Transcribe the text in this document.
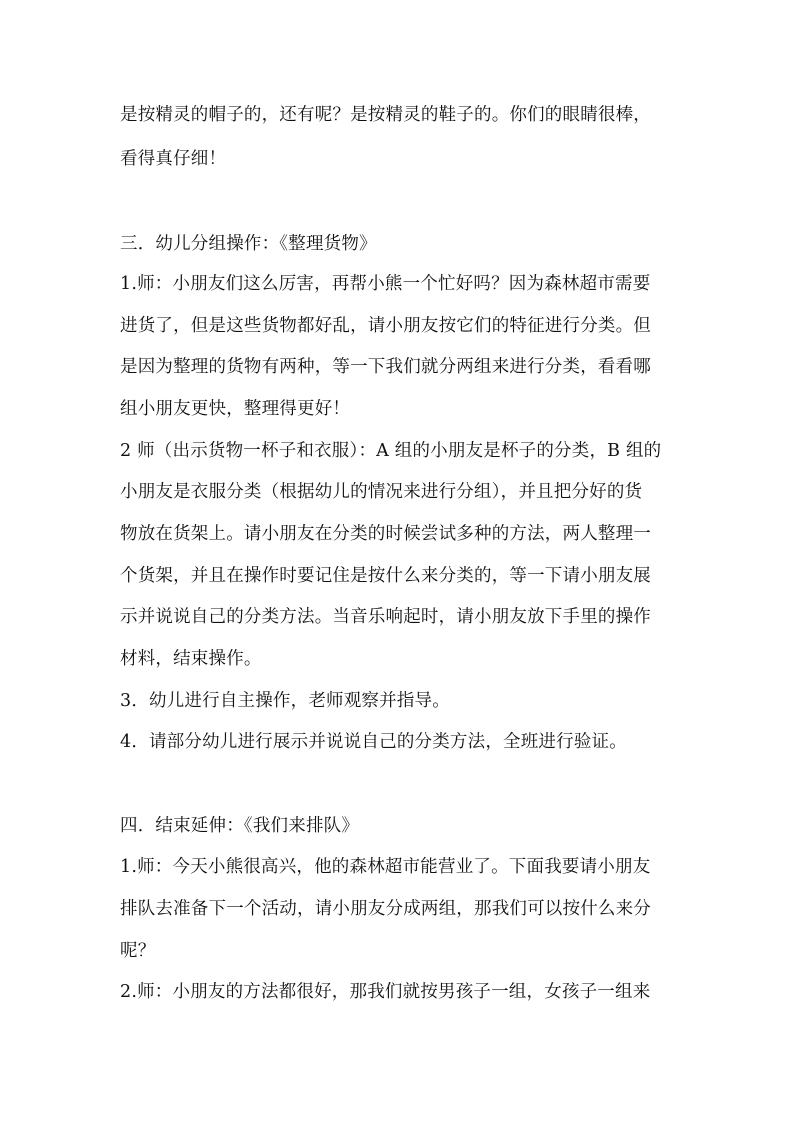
是按精灵的帽子的，还有呢？是按精灵的鞋子的。你们的眼睛很棒，
看得真仔细！
三．幼儿分组操作：《整理货物》
1.师：小朋友们这么厉害，再帮小熊一个忙好吗？因为森林超市需要
进货了，但是这些货物都好乱，请小朋友按它们的特征进行分类。但
是因为整理的货物有两种，等一下我们就分两组来进行分类，看看哪
组小朋友更快，整理得更好！
2 师（出示货物一杯子和衣服）：A 组的小朋友是杯子的分类，B 组的
小朋友是衣服分类（根据幼儿的情况来进行分组），并且把分好的货
物放在货架上。请小朋友在分类的时候尝试多种的方法，两人整理一
个货架，并且在操作时要记住是按什么来分类的，等一下请小朋友展
示并说说自己的分类方法。当音乐响起时，请小朋友放下手里的操作
材料，结束操作。
3．幼儿进行自主操作，老师观察并指导。
4．请部分幼儿进行展示并说说自己的分类方法，全班进行验证。
四．结束延伸：《我们来排队》
1.师：今天小熊很高兴，他的森林超市能营业了。下面我要请小朋友
排队去准备下一个活动，请小朋友分成两组，那我们可以按什么来分
呢？
2.师：小朋友的方法都很好，那我们就按男孩子一组，女孩子一组来
